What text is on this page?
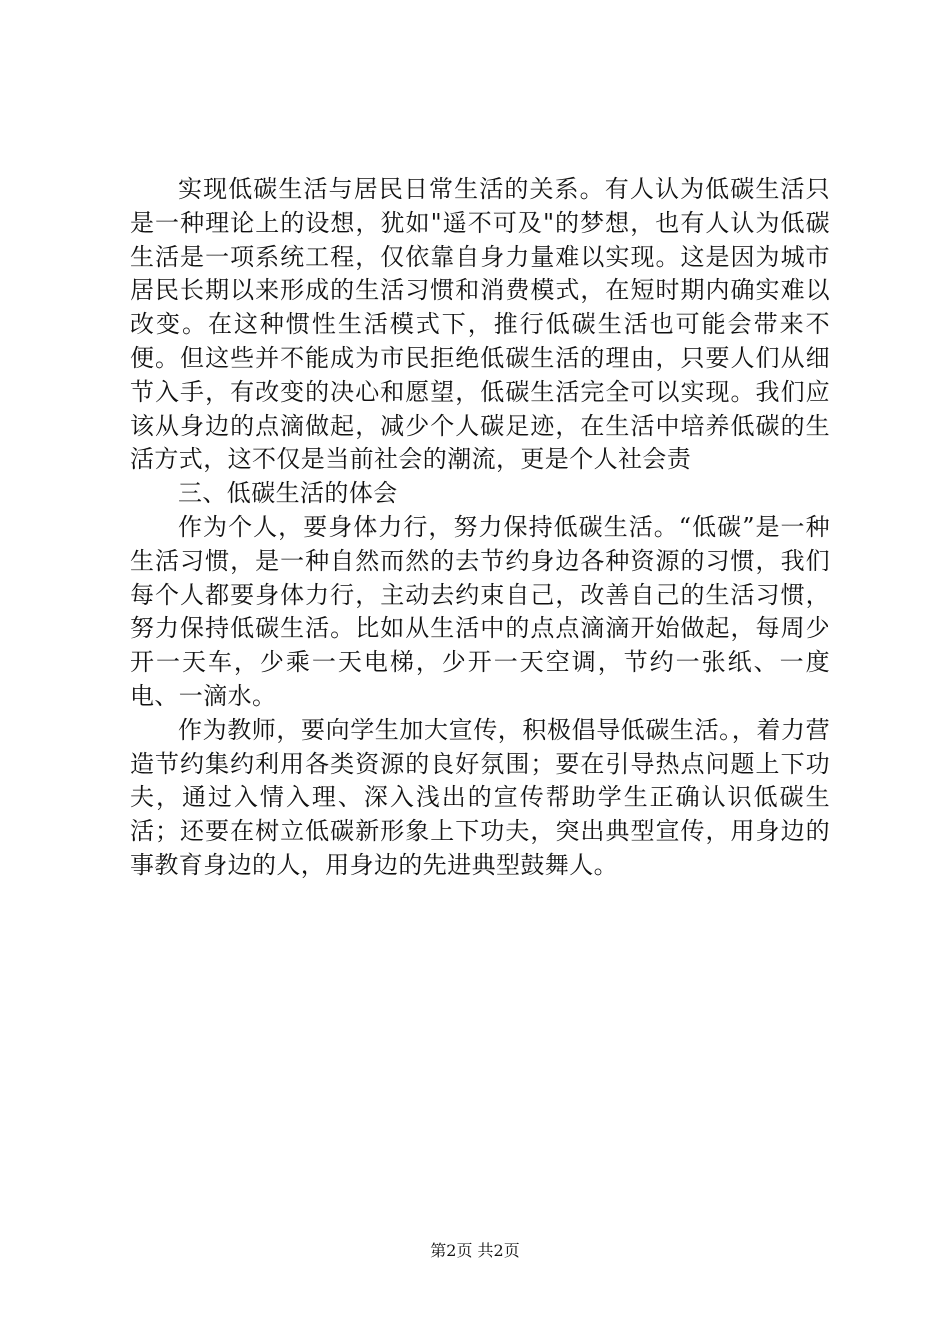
实现低碳生活与居民日常生活的关系。有人认为低碳生活只是一种理论上的设想，犹如"遥不可及"的梦想，也有人认为低碳生活是一项系统工程，仅依靠自身力量难以实现。这是因为城市居民长期以来形成的生活习惯和消费模式，在短时期内确实难以改变。在这种惯性生活模式下，推行低碳生活也可能会带来不便。但这些并不能成为市民拒绝低碳生活的理由，只要人们从细节入手，有改变的决心和愿望，低碳生活完全可以实现。我们应该从身边的点滴做起，减少个人碳足迹，在生活中培养低碳的生活方式，这不仅是当前社会的潮流，更是个人社会责

三、低碳生活的体会

作为个人，要身体力行，努力保持低碳生活。“低碳”是一种生活习惯，是一种自然而然的去节约身边各种资源的习惯，我们每个人都要身体力行，主动去约束自己，改善自己的生活习惯，努力保持低碳生活。比如从生活中的点点滴滴开始做起，每周少开一天车，少乘一天电梯，少开一天空调，节约一张纸、一度电、一滴水。

作为教师，要向学生加大宣传，积极倡导低碳生活。，着力营造节约集约利用各类资源的良好氛围；要在引导热点问题上下功夫，通过入情入理、深入浅出的宣传帮助学生正确认识低碳生活；还要在树立低碳新形象上下功夫，突出典型宣传，用身边的事教育身边的人，用身边的先进典型鼓舞人。

第2页 共2页
